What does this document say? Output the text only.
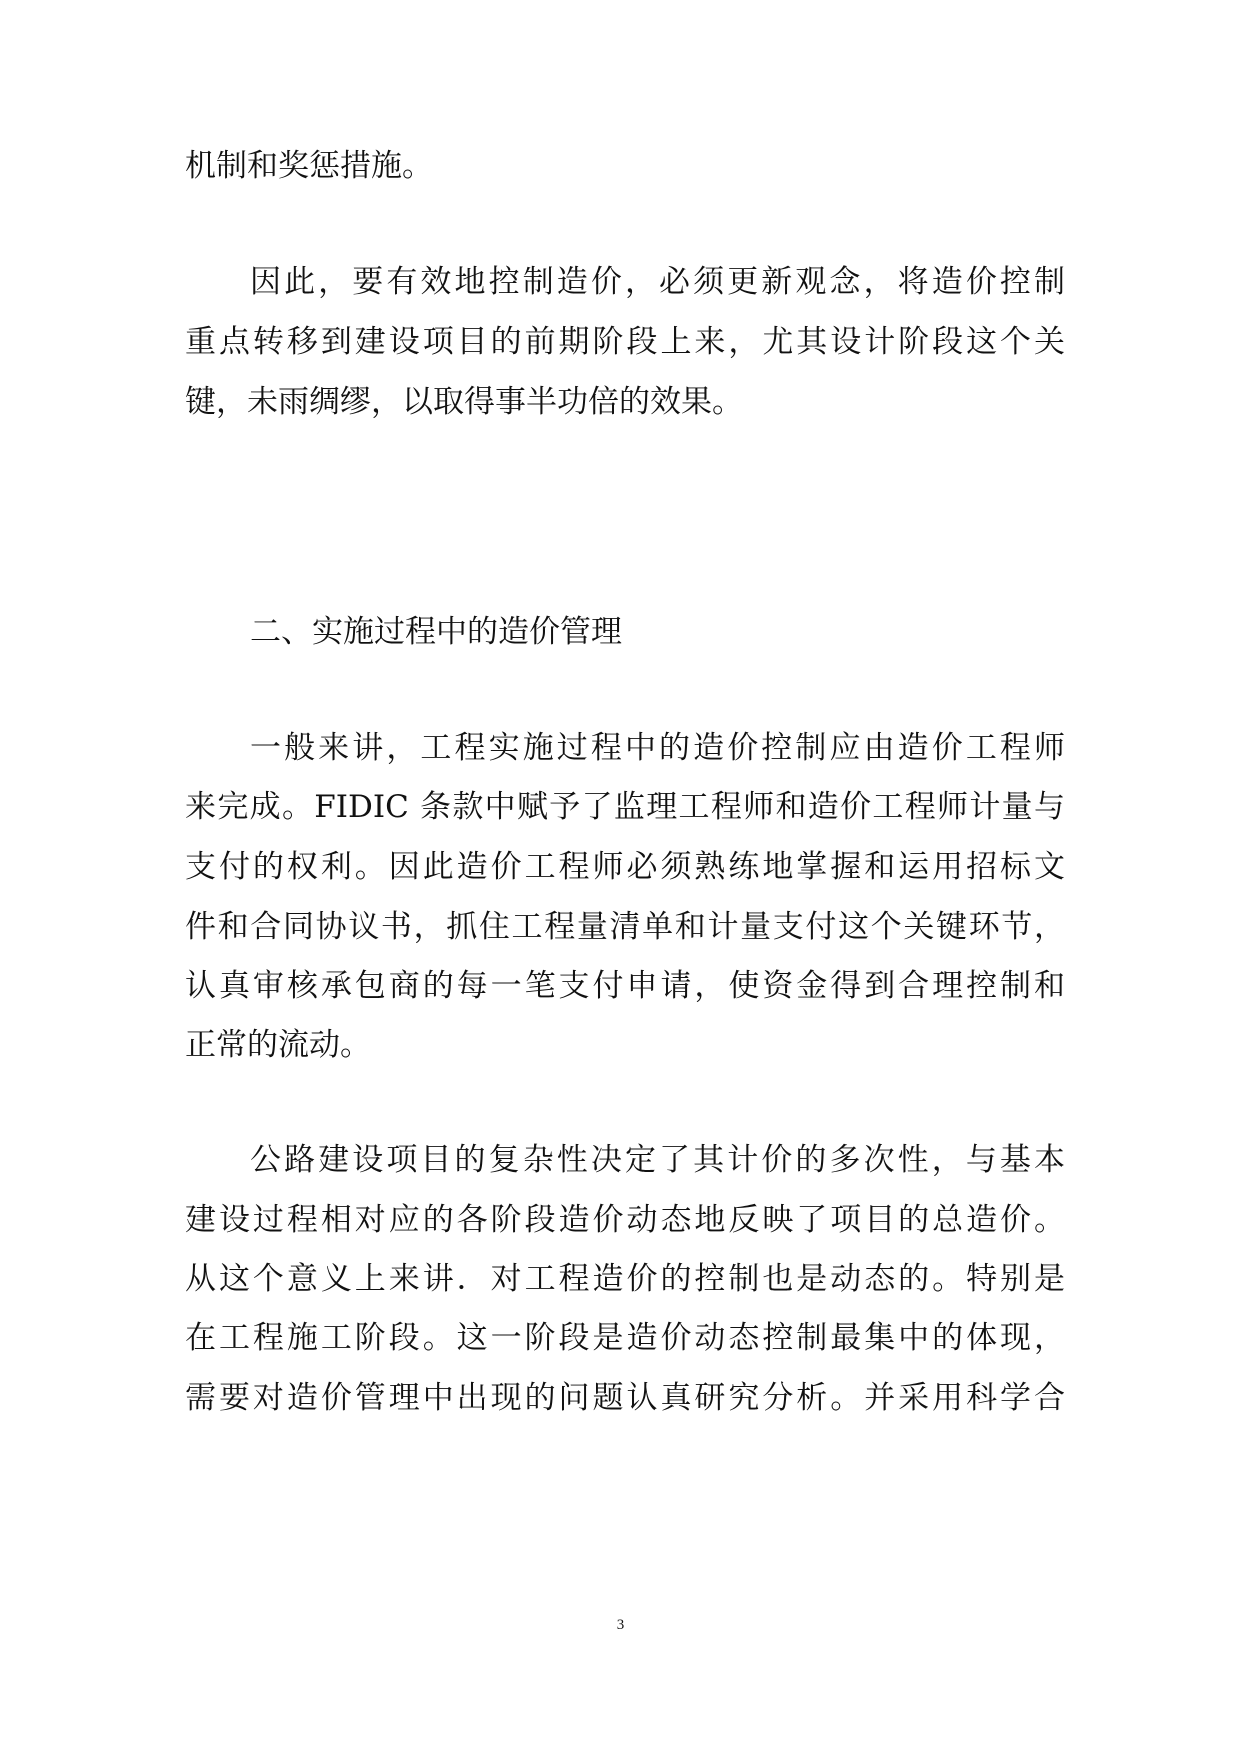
机制和奖惩措施。
因此，要有效地控制造价，必须更新观念，将造价控制
重点转移到建设项目的前期阶段上来，尤其设计阶段这个关
键，未雨绸缪，以取得事半功倍的效果。
二、实施过程中的造价管理
一般来讲，工程实施过程中的造价控制应由造价工程师
来完成。FIDIC 条款中赋予了监理工程师和造价工程师计量与
支付的权利。因此造价工程师必须熟练地掌握和运用招标文
件和合同协议书，抓住工程量清单和计量支付这个关键环节，
认真审核承包商的每一笔支付申请，使资金得到合理控制和
正常的流动。
公路建设项目的复杂性决定了其计价的多次性，与基本
建设过程相对应的各阶段造价动态地反映了项目的总造价。
从这个意义上来讲．对工程造价的控制也是动态的。特别是
在工程施工阶段。这一阶段是造价动态控制最集中的体现，
需要对造价管理中出现的问题认真研究分析。并采用科学合
3
